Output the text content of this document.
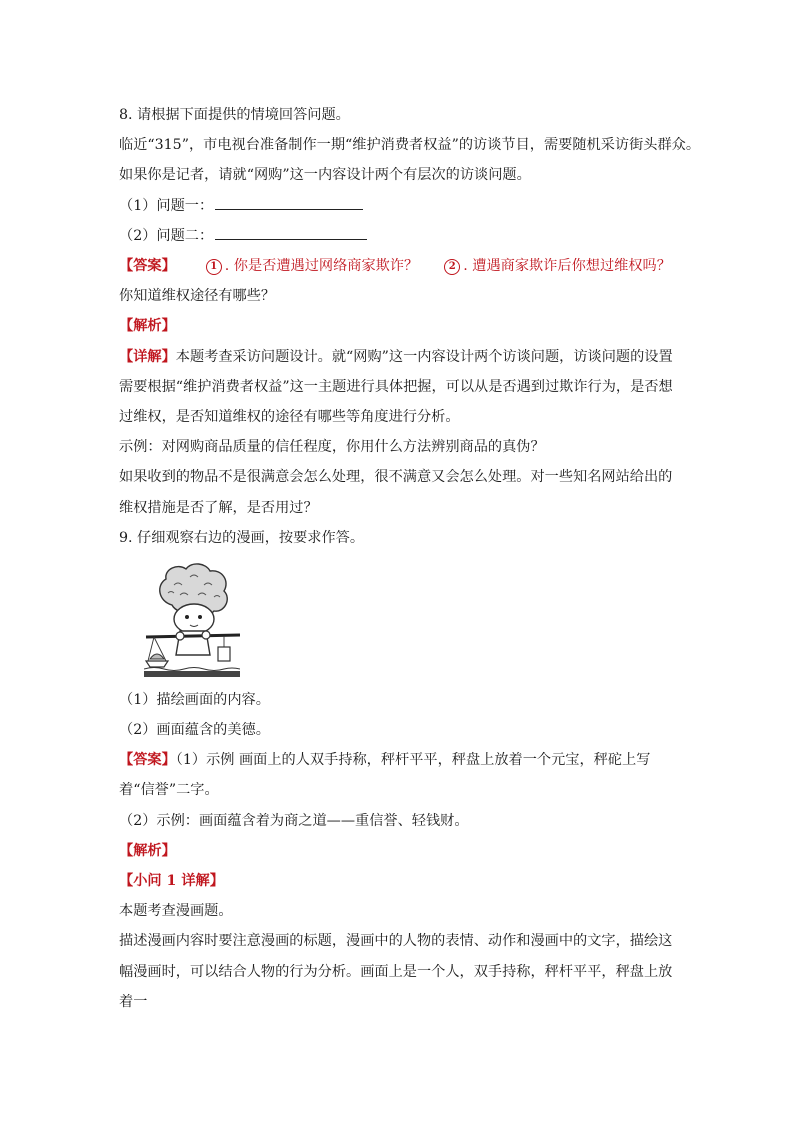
8. 请根据下面提供的情境回答问题。
临近“315”，市电视台准备制作一期“维护消费者权益”的访谈节目，需要随机采访街头群众。
如果你是记者，请就“网购”这一内容设计两个有层次的访谈问题。
（1）问题一：
（2）问题二：
【答案】	1 . 你是否遭遇过网络商家欺诈？	2 . 遭遇商家欺诈后你想过维权吗？
你知道维权途径有哪些？
【解析】
【详解】本题考查采访问题设计。就“网购”这一内容设计两个访谈问题，访谈问题的设置需要根据“维护消费者权益”这一主题进行具体把握，可以从是否遇到过欺诈行为，是否想过维权，是否知道维权的途径有哪些等角度进行分析。
示例：对网购商品质量的信任程度，你用什么方法辨别商品的真伪？
如果收到的物品不是很满意会怎么处理，很不满意又会怎么处理。对一些知名网站给出的维权措施是否了解，是否用过？
9. 仔细观察右边的漫画，按要求作答。
（1）描绘画面的内容。
（2）画面蕴含的美德。
【答案】（1）示例 画面上的人双手持称，秤杆平平，秤盘上放着一个元宝，秤砣上写着“信誉”二字。
（2）示例：画面蕴含着为商之道——重信誉、轻钱财。
【解析】
【小问 1 详解】
本题考查漫画题。
描述漫画内容时要注意漫画的标题，漫画中的人物的表情、动作和漫画中的文字，描绘这幅漫画时，可以结合人物的行为分析。画面上是一个人，双手持称，秤杆平平，秤盘上放着一
